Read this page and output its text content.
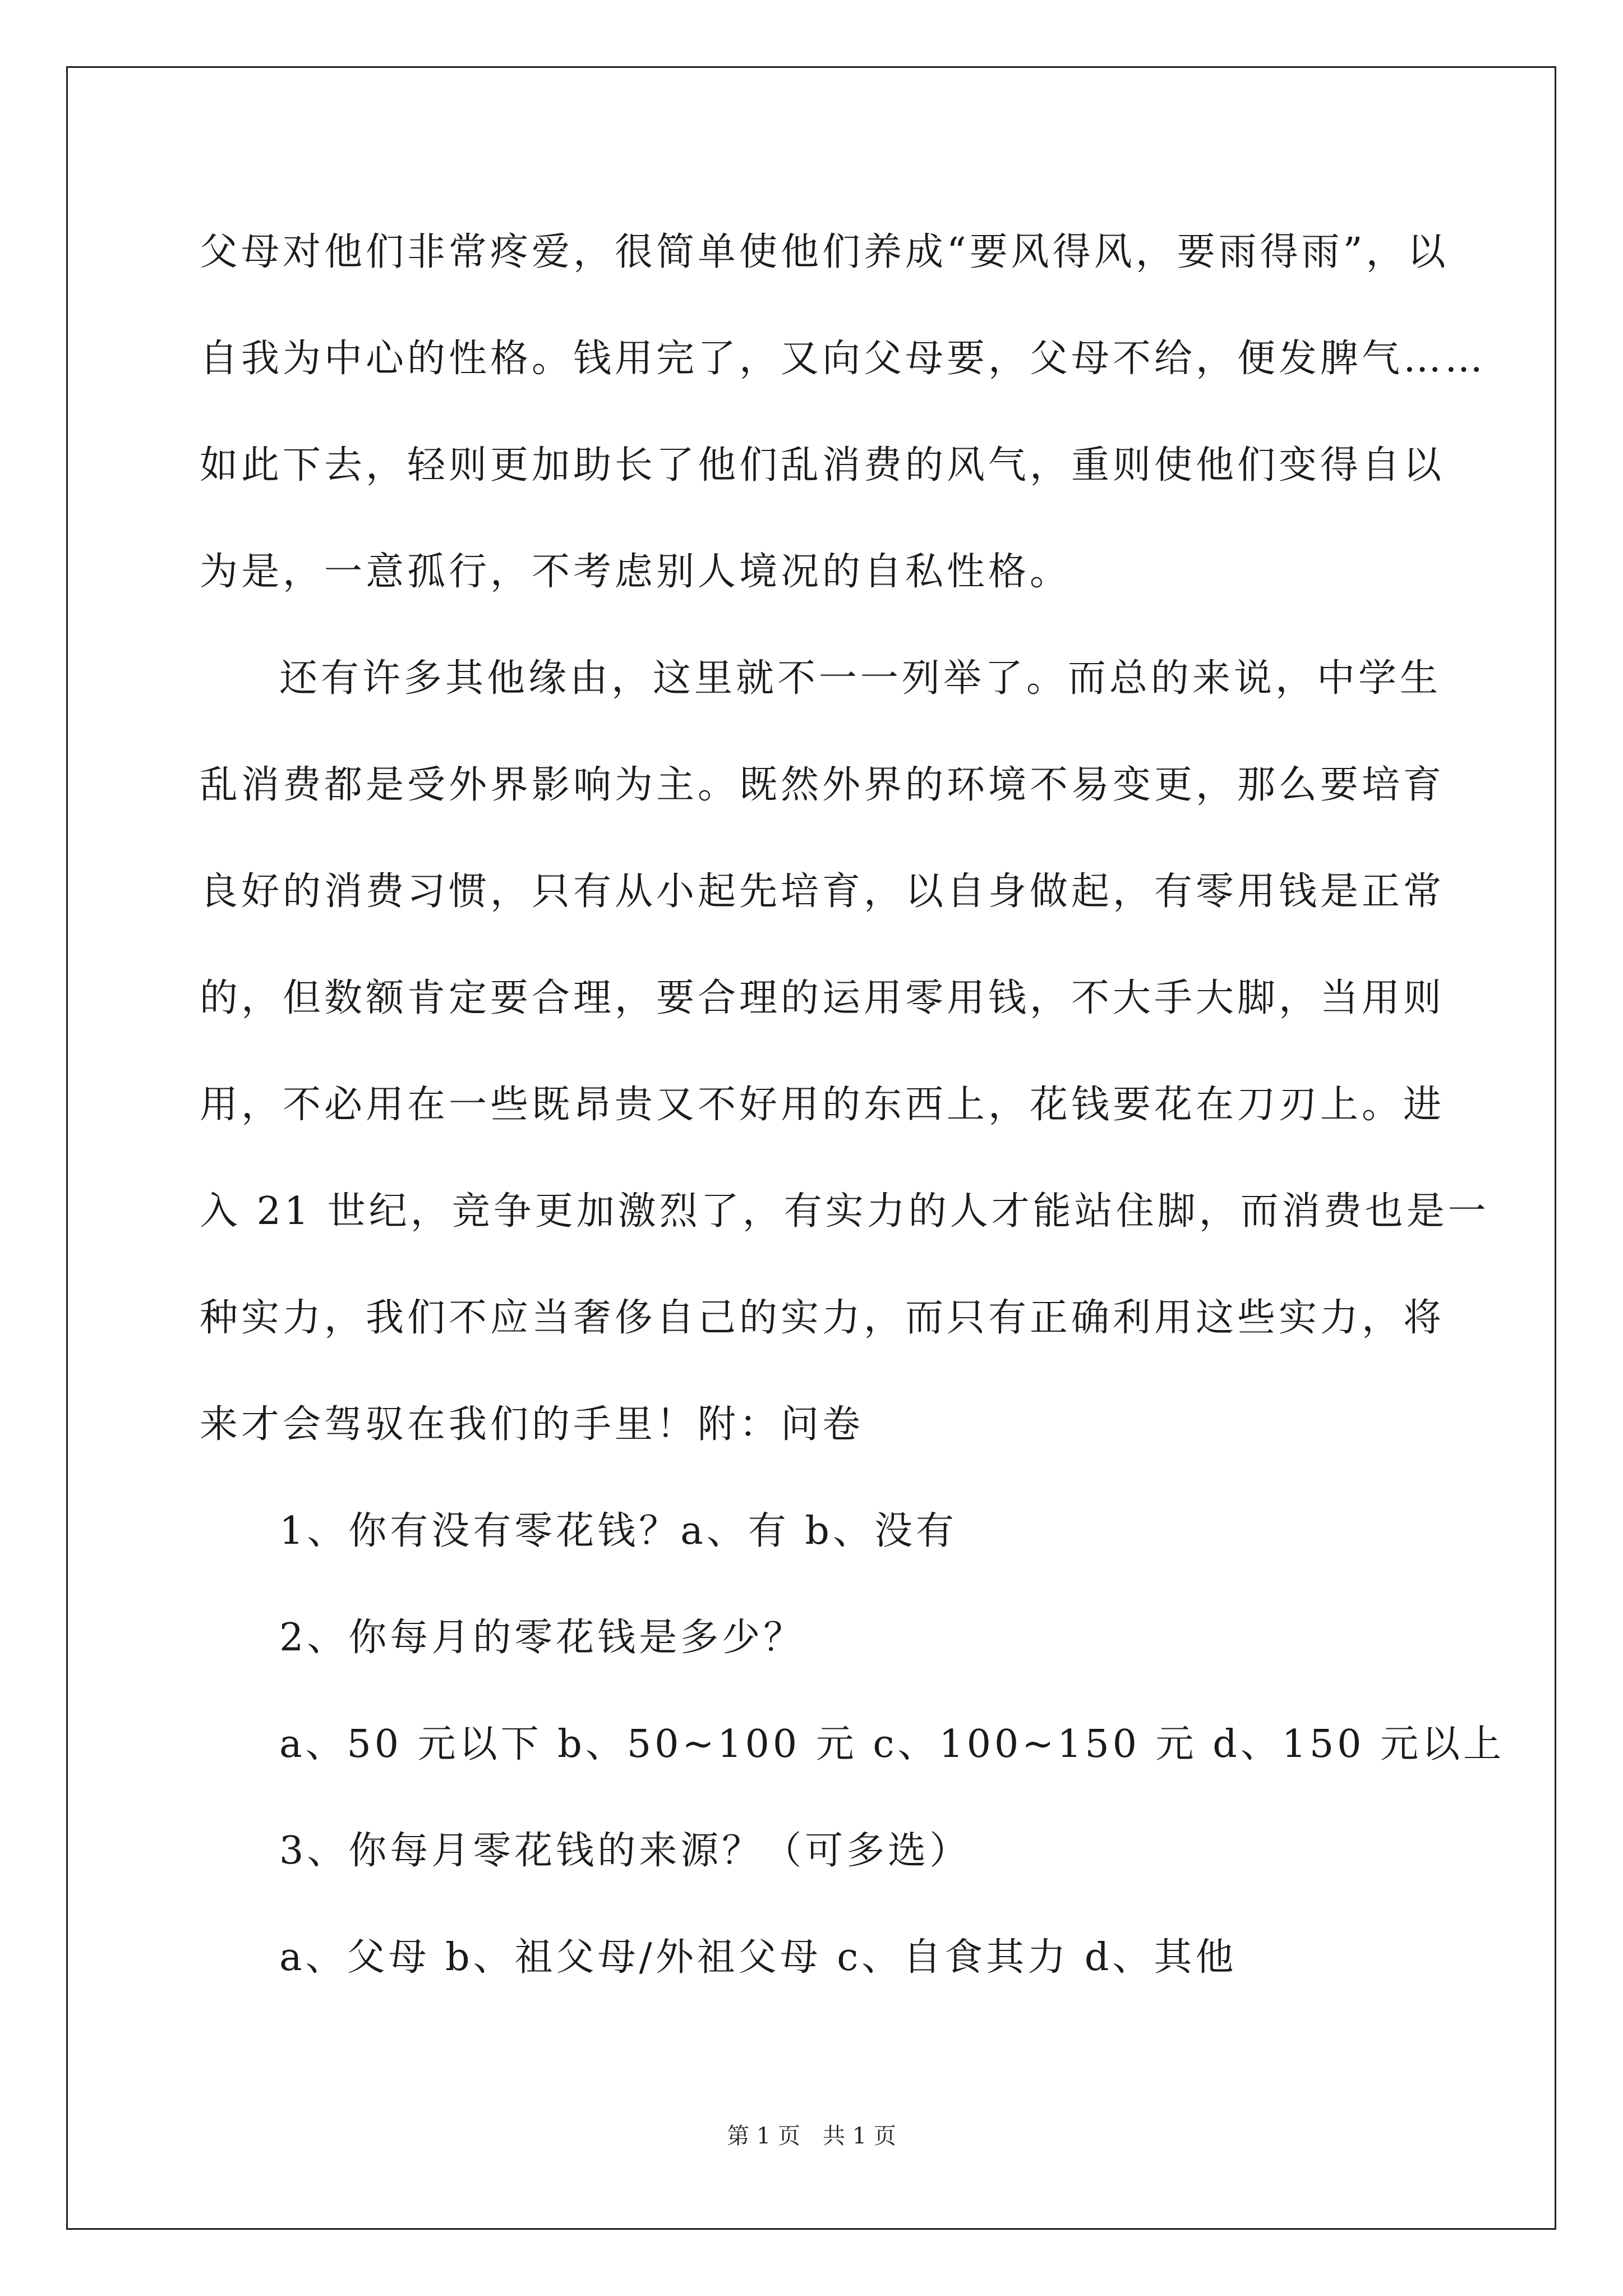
父母对他们非常疼爱，很简单使他们养成“要风得风，要雨得雨”，以
自我为中心的性格。钱用完了，又向父母要，父母不给，便发脾气……
如此下去，轻则更加助长了他们乱消费的风气，重则使他们变得自以
为是，一意孤行，不考虑别人境况的自私性格。
还有许多其他缘由，这里就不一一列举了。而总的来说，中学生
乱消费都是受外界影响为主。既然外界的环境不易变更，那么要培育
良好的消费习惯，只有从小起先培育，以自身做起，有零用钱是正常
的，但数额肯定要合理，要合理的运用零用钱，不大手大脚，当用则
用，不必用在一些既昂贵又不好用的东西上，花钱要花在刀刃上。进
入 21 世纪，竞争更加激烈了，有实力的人才能站住脚，而消费也是一
种实力，我们不应当奢侈自己的实力，而只有正确利用这些实力，将
来才会驾驭在我们的手里！附：问卷
1、你有没有零花钱？a、有 b、没有
2、你每月的零花钱是多少？
a、50 元以下 b、50~100 元 c、100~150 元 d、150 元以上
3、你每月零花钱的来源？（可多选）
a、父母 b、祖父母/外祖父母 c、自食其力 d、其他
第 1 页 共 1 页
